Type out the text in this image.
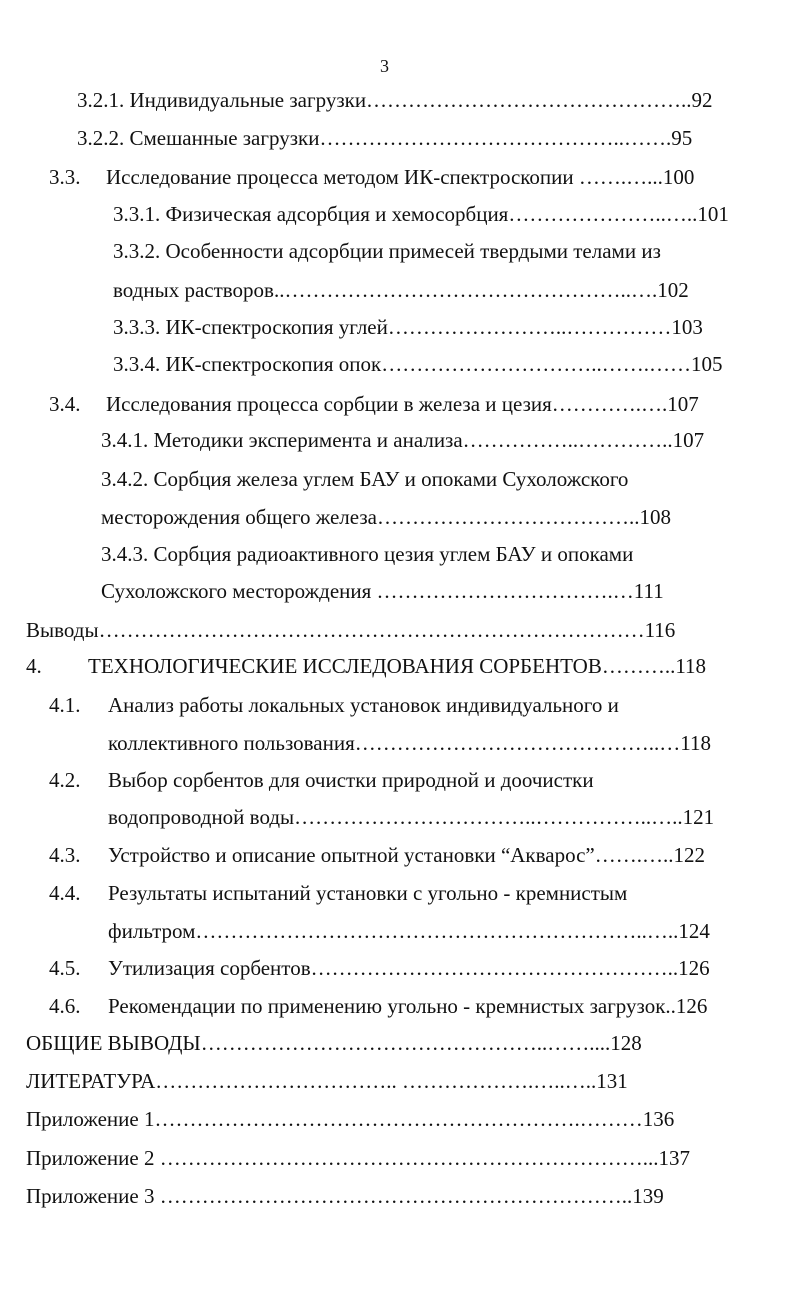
3
3.2.1. Индивидуальные загрузки………………………………………..92
3.2.2. Смешанные загрузки……………………………………..…….95
3.3. Исследование процесса методом ИК-спектроскопии …….…...100
3.3.1. Физическая адсорбция и хемосорбция…………………..…..101
3.3.2. Особенности адсорбции примесей твердыми телами из
водных растворов..…………………………………………..….102
3.3.3. ИК-спектроскопия углей……………………..……………103
3.3.4. ИК-спектроскопия опок…………………………..…….……105
3.4. Исследования процесса сорбции в железа и цезия………….….107
3.4.1. Методики эксперимента и анализа……………..…………..107
3.4.2. Сорбция железа углем БАУ и опоками Сухоложского
месторождения общего железа………………………………..108
3.4.3. Сорбция радиоактивного цезия углем БАУ и опоками
Сухоложского месторождения …………………………….…111
Выводы……………………………………………………………………116
4. ТЕХНОЛОГИЧЕСКИЕ ИССЛЕДОВАНИЯ СОРБЕНТОВ………..118
4.1. Анализ работы локальных установок индивидуального и
коллективного пользования……………………………………..…118
4.2. Выбор сорбентов для очистки природной и доочистки
водопроводной воды……………………………..……………..…..121
4.3. Устройство и описание опытной установки “Акварос”…….…..122
4.4. Результаты испытаний установки с угольно - кремнистым
фильтром………………………………………………………..…..124
4.5. Утилизация сорбентов……………………………………………..126
4.6. Рекомендации по применению угольно - кремнистых загрузок..126
ОБЩИЕ ВЫВОДЫ…………………………………………..……....128
ЛИТЕРАТУРА…………………………….. ……………….…..…..131
Приложение 1…………………………………………………….………136
Приложение 2 ……………………………………………………………...137
Приложение 3 …………………………………………………………..139
